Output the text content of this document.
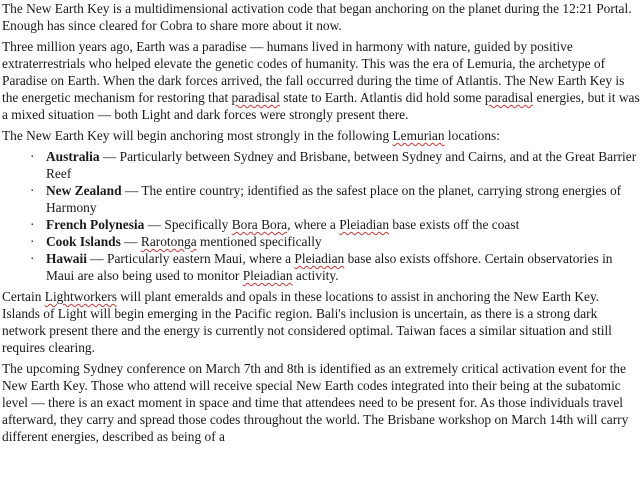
The New Earth Key is a multidimensional activation code that began anchoring on the planet during the 12:21 Portal. Enough has since cleared for Cobra to share more about it now.

Three million years ago, Earth was a paradise — humans lived in harmony with nature, guided by positive extraterrestrials who helped elevate the genetic codes of humanity. This was the era of Lemuria, the archetype of Paradise on Earth. When the dark forces arrived, the fall occurred during the time of Atlantis. The New Earth Key is the energetic mechanism for restoring that paradisal state to Earth. Atlantis did hold some paradisal energies, but it was a mixed situation — both Light and dark forces were strongly present there.

The New Earth Key will begin anchoring most strongly in the following Lemurian locations:

· Australia — Particularly between Sydney and Brisbane, between Sydney and Cairns, and at the Great Barrier Reef
· New Zealand — The entire country; identified as the safest place on the planet, carrying strong energies of Harmony
· French Polynesia — Specifically Bora Bora, where a Pleiadian base exists off the coast
· Cook Islands — Rarotonga mentioned specifically
· Hawaii — Particularly eastern Maui, where a Pleiadian base also exists offshore. Certain observatories in Maui are also being used to monitor Pleiadian activity.

Certain Lightworkers will plant emeralds and opals in these locations to assist in anchoring the New Earth Key. Islands of Light will begin emerging in the Pacific region. Bali's inclusion is uncertain, as there is a strong dark network present there and the energy is currently not considered optimal. Taiwan faces a similar situation and still requires clearing.

The upcoming Sydney conference on March 7th and 8th is identified as an extremely critical activation event for the New Earth Key. Those who attend will receive special New Earth codes integrated into their being at the subatomic level — there is an exact moment in space and time that attendees need to be present for. As those individuals travel afterward, they carry and spread those codes throughout the world. The Brisbane workshop on March 14th will carry different energies, described as being of a
